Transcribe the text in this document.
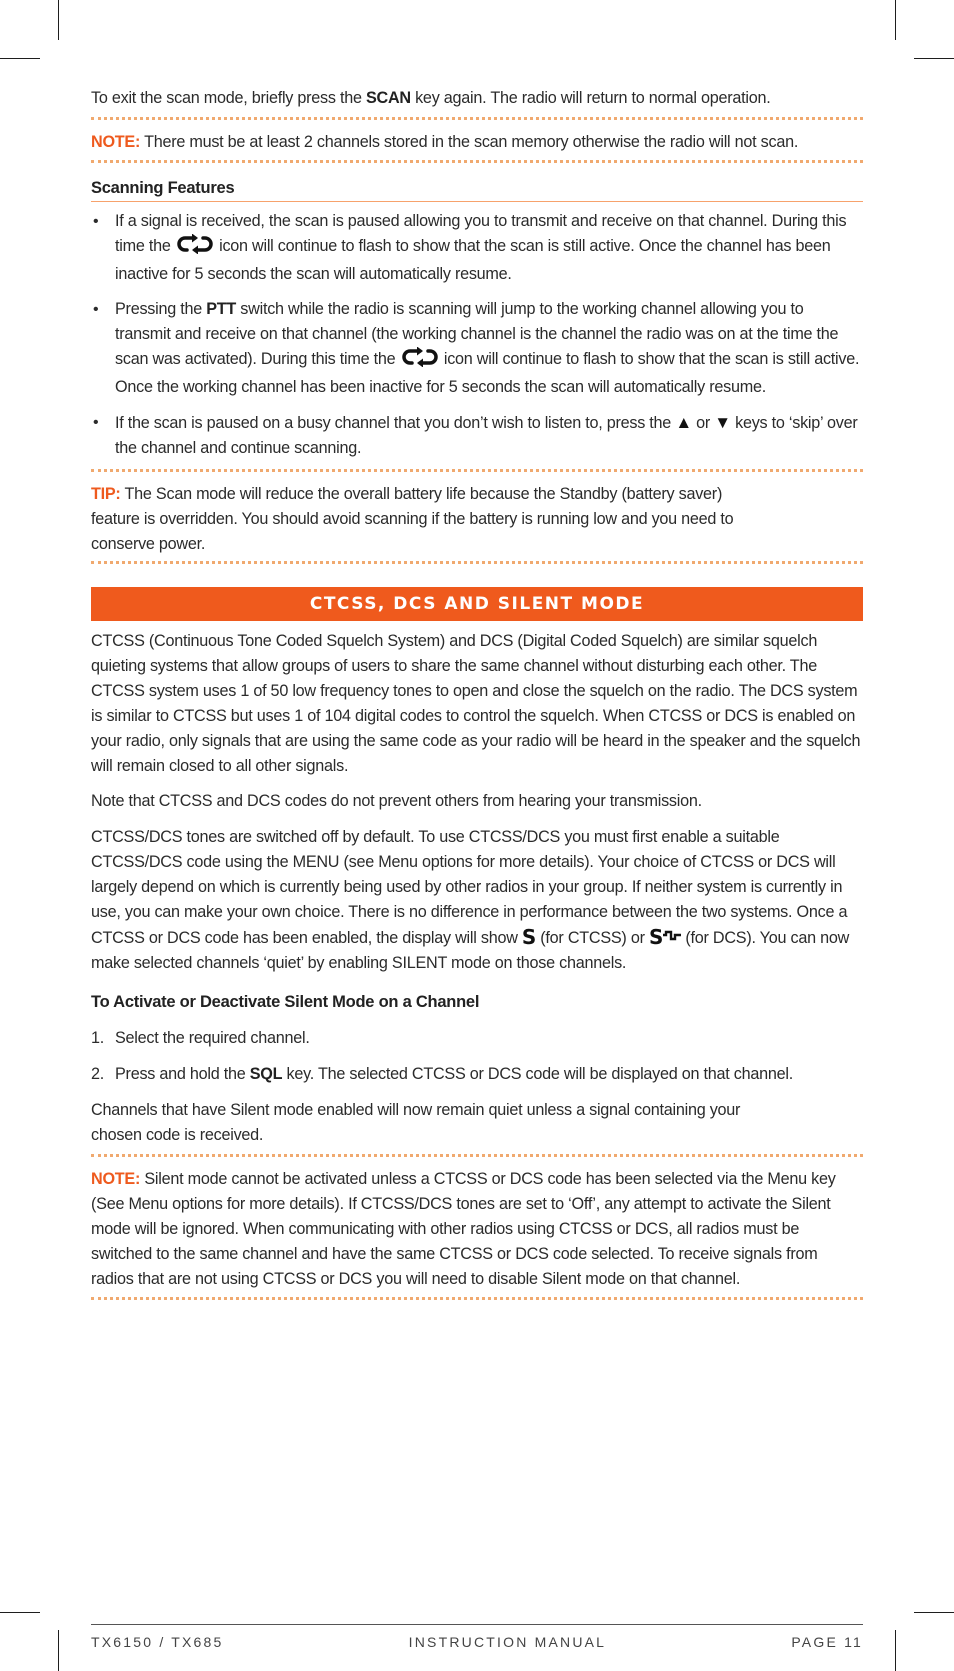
To exit the scan mode, briefly press the SCAN key again. The radio will return to normal operation.

NOTE: There must be at least 2 channels stored in the scan memory otherwise the radio will not scan.

Scanning Features

• If a signal is received, the scan is paused allowing you to transmit and receive on that channel. During this time the  icon will continue to flash to show that the scan is still active. Once the channel has been inactive for 5 seconds the scan will automatically resume.
• Pressing the PTT switch while the radio is scanning will jump to the working channel allowing you to transmit and receive on that channel (the working channel is the channel the radio was on at the time the scan was activated). During this time the  icon will continue to flash to show that the scan is still active. Once the working channel has been inactive for 5 seconds the scan will automatically resume.
• If the scan is paused on a busy channel that you don’t wish to listen to, press the ▲ or ▼ keys to ‘skip’ over the channel and continue scanning.

TIP: The Scan mode will reduce the overall battery life because the Standby (battery saver) feature is overridden. You should avoid scanning if the battery is running low and you need to conserve power.

CTCSS, DCS AND SILENT MODE

CTCSS (Continuous Tone Coded Squelch System) and DCS (Digital Coded Squelch) are similar squelch quieting systems that allow groups of users to share the same channel without disturbing each other. The CTCSS system uses 1 of 50 low frequency tones to open and close the squelch on the radio. The DCS system is similar to CTCSS but uses 1 of 104 digital codes to control the squelch. When CTCSS or DCS is enabled on your radio, only signals that are using the same code as your radio will be heard in the speaker and the squelch will remain closed to all other signals.

Note that CTCSS and DCS codes do not prevent others from hearing your transmission.

CTCSS/DCS tones are switched off by default. To use CTCSS/DCS you must first enable a suitable CTCSS/DCS code using the MENU (see Menu options for more details). Your choice of CTCSS or DCS will largely depend on which is currently being used by other radios in your group. If neither system is currently in use, you can make your own choice. There is no difference in performance between the two systems. Once a CTCSS or DCS code has been enabled, the display will show S (for CTCSS) or S (for DCS). You can now make selected channels ‘quiet’ by enabling SILENT mode on those channels.

To Activate or Deactivate Silent Mode on a Channel

1. Select the required channel.
2. Press and hold the SQL key. The selected CTCSS or DCS code will be displayed on that channel.

Channels that have Silent mode enabled will now remain quiet unless a signal containing your chosen code is received.

NOTE: Silent mode cannot be activated unless a CTCSS or DCS code has been selected via the Menu key (See Menu options for more details). If CTCSS/DCS tones are set to ‘Off’, any attempt to activate the Silent mode will be ignored. When communicating with other radios using CTCSS or DCS, all radios must be switched to the same channel and have the same CTCSS or DCS code selected. To receive signals from radios that are not using CTCSS or DCS you will need to disable Silent mode on that channel.

TX6150 / TX685	INSTRUCTION MANUAL	PAGE 11
